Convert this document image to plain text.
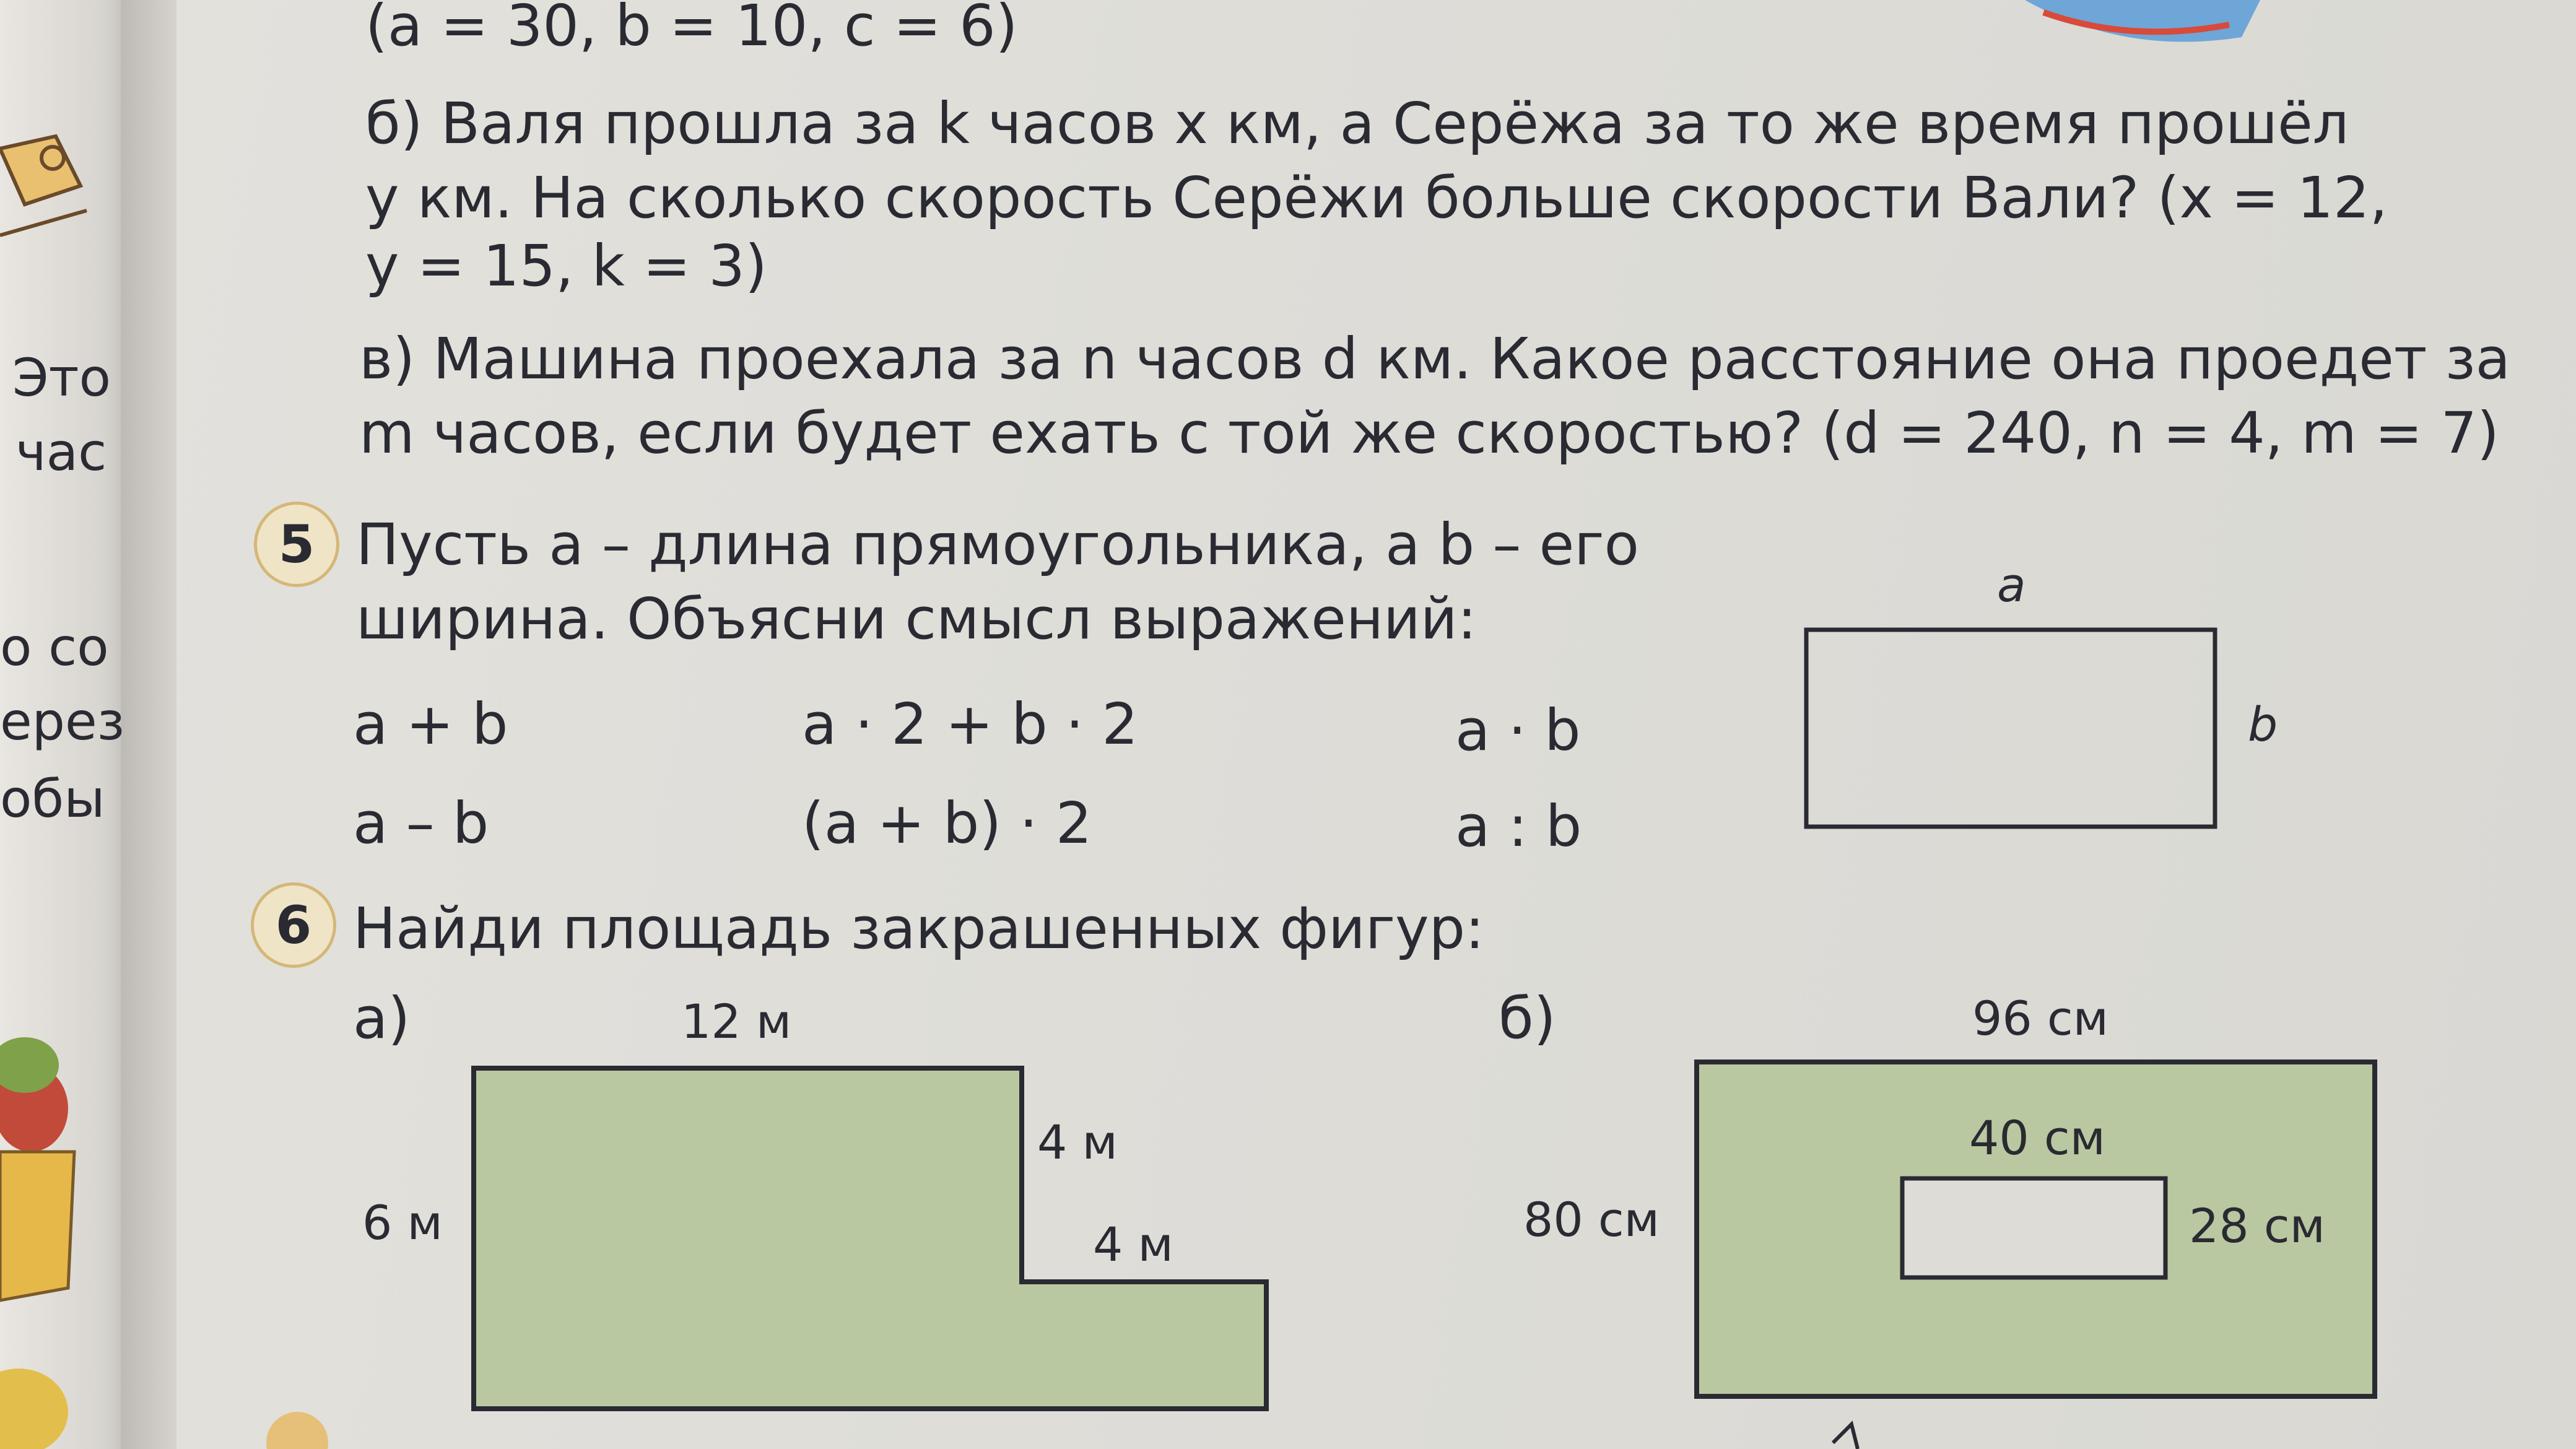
Это
час
о со
ерез
обы
(a = 30, b = 10, c = 6)
б) Валя прошла за k часов x км, а Серёжа за то же время прошёл
y км. На сколько скорость Серёжи больше скорости Вали? (x = 12,
y = 15, k = 3)
в) Машина проехала за n часов d км. Какое расстояние она проедет за
m часов, если будет ехать с той же скоростью? (d = 240, n = 4, m = 7)
5 Пусть a – длина прямоугольника, а b – его
ширина. Объясни смысл выражений:
a + b	a · 2 + b · 2	a · b
a – b	(a + b) · 2	a : b
a
b
6 Найди площадь закрашенных фигур:
а)	б)
12 м
6 м
4 м
4 м
96 см
80 см
40 см
28 см
